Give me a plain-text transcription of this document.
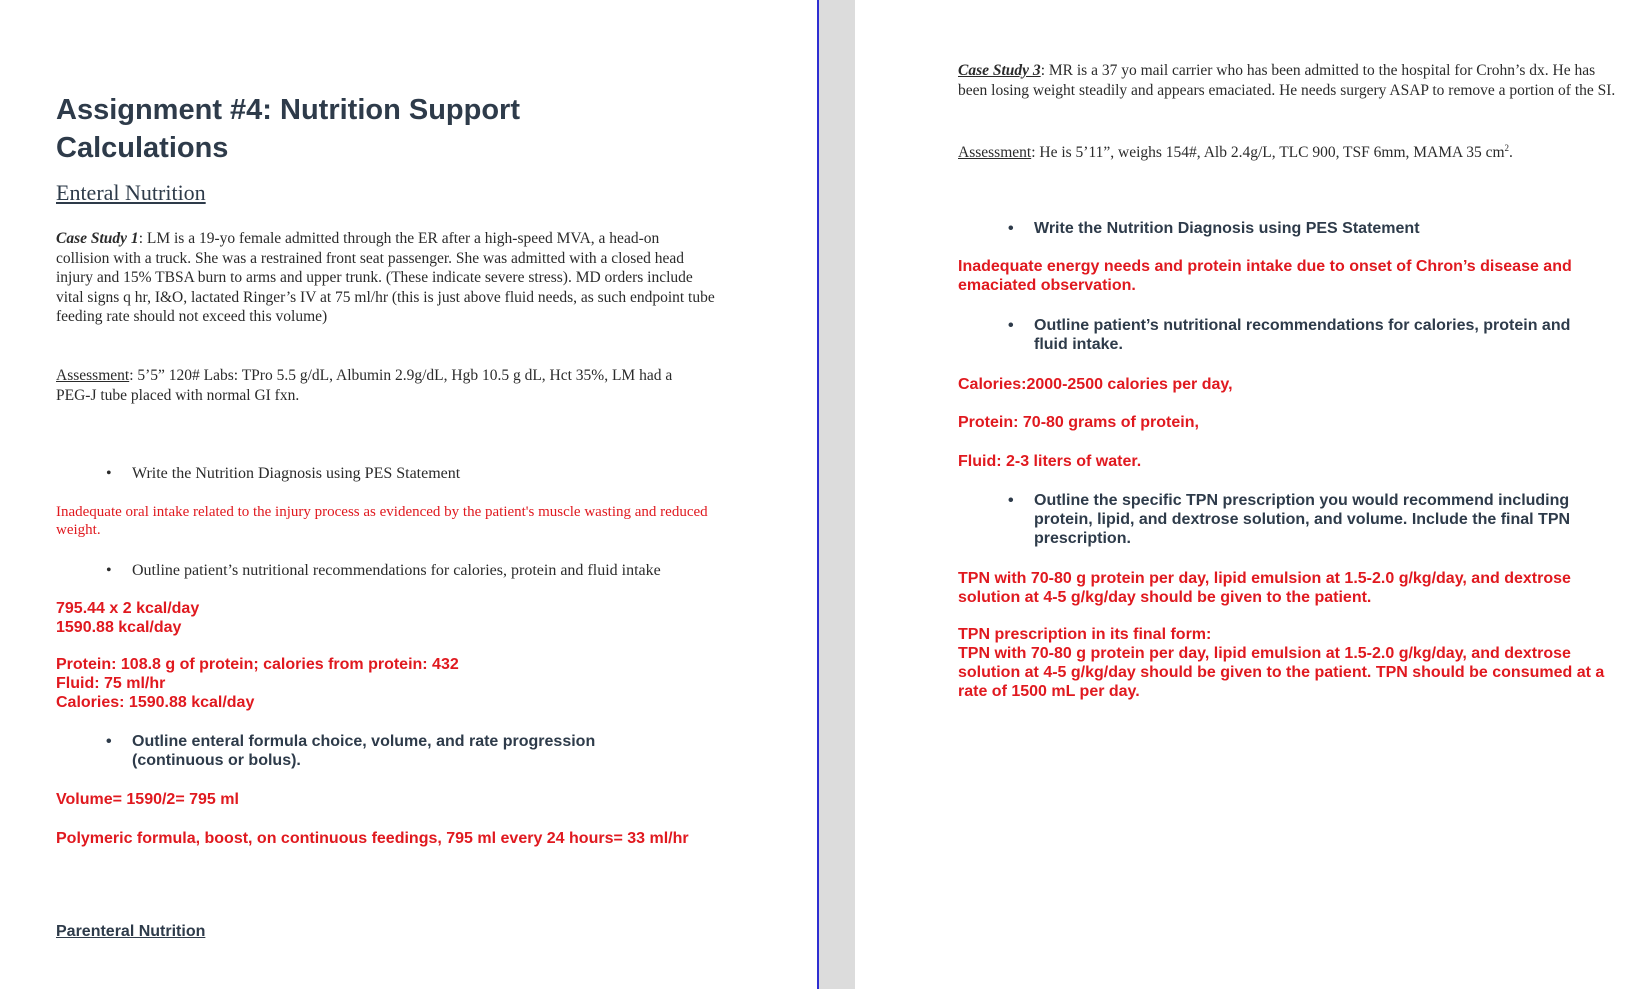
Assignment #4: Nutrition Support Calculations
Enteral Nutrition
Case Study 1: LM is a 19-yo female admitted through the ER after a high-speed MVA, a head-on collision with a truck. She was a restrained front seat passenger. She was admitted with a closed head injury and 15% TBSA burn to arms and upper trunk. (These indicate severe stress). MD orders include vital signs q hr, I&O, lactated Ringer’s IV at 75 ml/hr (this is just above fluid needs, as such endpoint tube feeding rate should not exceed this volume)
Assessment: 5’5” 120# Labs: TPro 5.5 g/dL, Albumin 2.9g/dL, Hgb 10.5 g dL, Hct 35%, LM had a PEG-J tube placed with normal GI fxn.
•	Write the Nutrition Diagnosis using PES Statement
Inadequate oral intake related to the injury process as evidenced by the patient's muscle wasting and reduced weight.
•	Outline patient’s nutritional recommendations for calories, protein and fluid intake
795.44 x 2 kcal/day
1590.88 kcal/day
Protein: 108.8 g of protein; calories from protein: 432
Fluid: 75 ml/hr
Calories: 1590.88 kcal/day
•	Outline enteral formula choice, volume, and rate progression (continuous or bolus).
Volume= 1590/2= 795 ml
Polymeric formula, boost, on continuous feedings, 795 ml every 24 hours= 33 ml/hr
Parenteral Nutrition
Case Study 3: MR is a 37 yo mail carrier who has been admitted to the hospital for Crohn’s dx. He has been losing weight steadily and appears emaciated. He needs surgery ASAP to remove a portion of the SI.
Assessment: He is 5’11”, weighs 154#, Alb 2.4g/L, TLC 900, TSF 6mm, MAMA 35 $cm^2$.
•	Write the Nutrition Diagnosis using PES Statement
Inadequate energy needs and protein intake due to onset of Chron’s disease and emaciated observation.
•	Outline patient’s nutritional recommendations for calories, protein and fluid intake.
Calories:2000-2500 calories per day,
Protein: 70-80 grams of protein,
Fluid: 2-3 liters of water.
•	Outline the specific TPN prescription you would recommend including protein, lipid, and dextrose solution, and volume. Include the final TPN prescription.
TPN with 70-80 g protein per day, lipid emulsion at 1.5-2.0 g/kg/day, and dextrose solution at 4-5 g/kg/day should be given to the patient.
TPN prescription in its final form:
TPN with 70-80 g protein per day, lipid emulsion at 1.5-2.0 g/kg/day, and dextrose solution at 4-5 g/kg/day should be given to the patient. TPN should be consumed at a rate of 1500 mL per day.
